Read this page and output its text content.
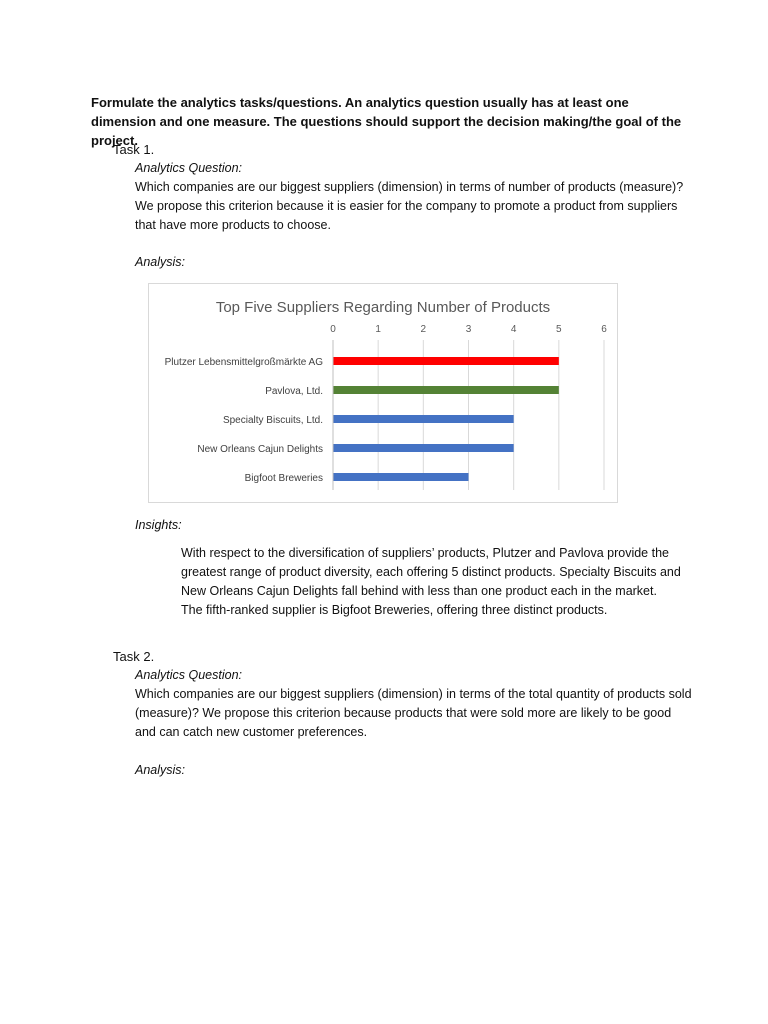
Formulate the analytics tasks/questions. An analytics question usually has at least one dimension and one measure. The questions should support the decision making/the goal of the project.
Task 1.
Analytics Question:
Which companies are our biggest suppliers (dimension) in terms of number of products (measure)? We propose this criterion because it is easier for the company to promote a product from suppliers that have more products to choose.
Analysis:
Top Five Suppliers Regarding Number of Products
0	1	2	3	4	5	6
Plutzer Lebensmittelgroßmärkte AG
Pavlova, Ltd.
Specialty Biscuits, Ltd.
New Orleans Cajun Delights
Bigfoot Breweries
Insights:
With respect to the diversification of suppliers’ products, Plutzer and Pavlova provide the greatest range of product diversity, each offering 5 distinct products. Specialty Biscuits and New Orleans Cajun Delights fall behind with less than one product each in the market. The fifth-ranked supplier is Bigfoot Breweries, offering three distinct products.
Task 2.
Analytics Question:
Which companies are our biggest suppliers (dimension) in terms of the total quantity of products sold (measure)? We propose this criterion because products that were sold more are likely to be good and can catch new customer preferences.
Analysis:
